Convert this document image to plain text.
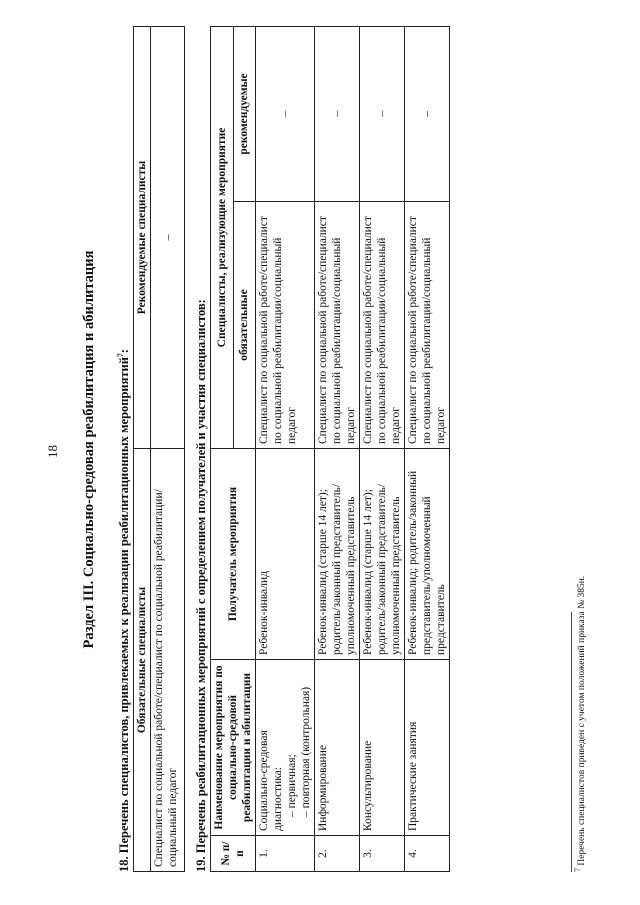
18 Раздел III. Социально-средовая реабилитация и абилитация 18. Перечень специалистов, привлекаемых к реализации реабилитационных мероприятий$^7$:
Обязательные специалисты	Рекомендуемые специалисты
Специалист по социальной работе/специалист по социальной реабилитации/социальный педагог	–
19. Перечень реабилитационных мероприятий с определением получателей и участия специалистов: № п/п	Наименование мероприятия по социально-средовой реабилитации и абилитации	Получатель мероприятия	Специалисты, реализующие мероприятие	
			обязательные	рекомендуемые
1.	Социально-средовая диагностика: – первичная; – повторная (контрольная)	Ребенок-инвалид	Специалист по социальной работе/специалист по социальной реабилитации/социальный педагог	–
2.	Информирование	Ребенок-инвалид (старше 14 лет); родитель/законный представитель/уполномоченный представитель	Специалист по социальной работе/специалист по социальной реабилитации/социальный педагог	–
3.	Консультирование	Ребенок-инвалид (старше 14 лет); родитель/законный представитель/уполномоченный представитель	Специалист по социальной работе/специалист по социальной реабилитации/социальный педагог	–
4.	Практические занятия	Ребенок-инвалид; родитель/законный представитель/уполномоченный представитель	Специалист по социальной работе/специалист по социальной реабилитации/социальный педагог	–
$^7$ Перечень специалистов приведен с учетом положений приказа № 385н.
